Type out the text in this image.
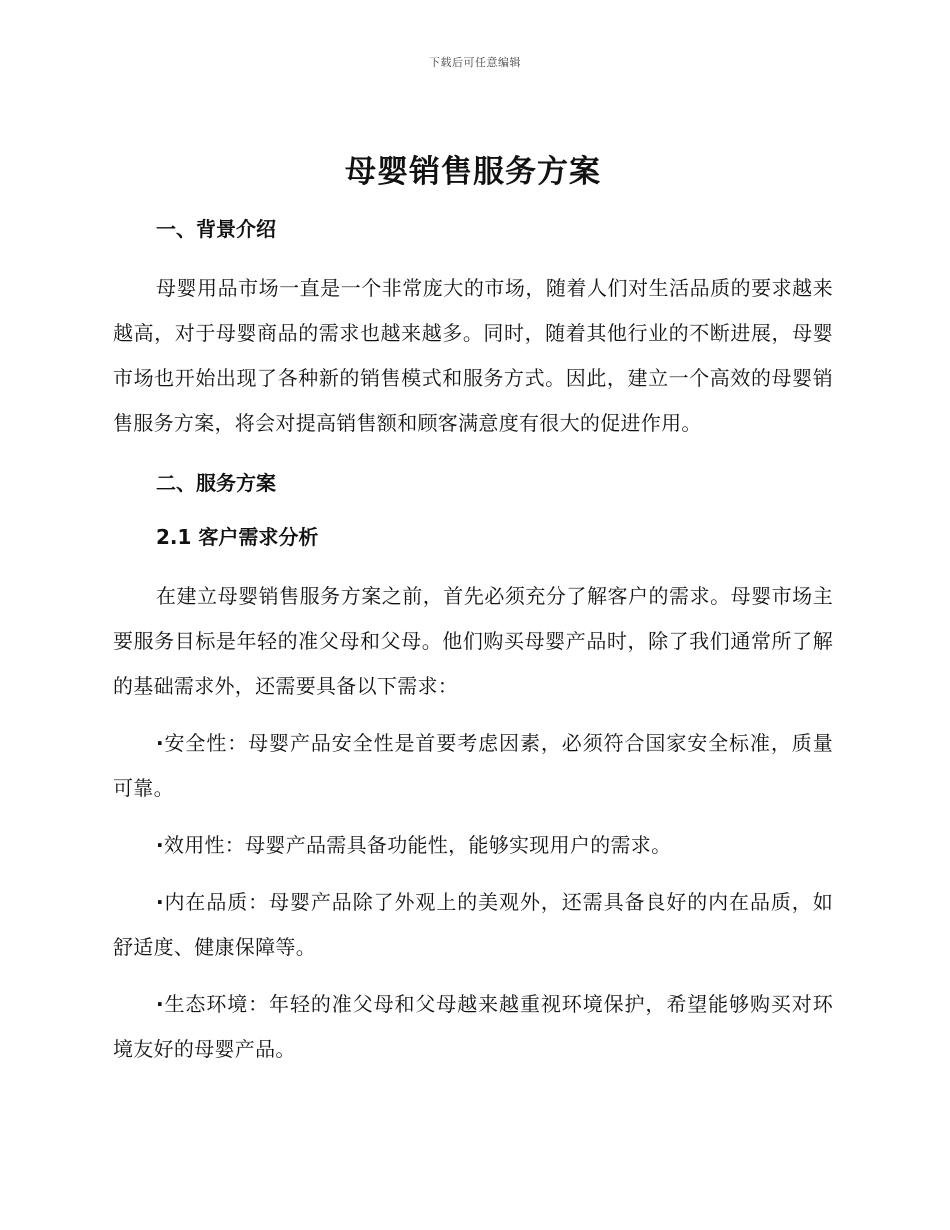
下载后可任意编辑
母婴销售服务方案
一、背景介绍

母婴用品市场一直是一个非常庞大的市场，随着人们对生活品质的要求越来越高，对于母婴商品的需求也越来越多。同时，随着其他行业的不断进展，母婴市场也开始出现了各种新的销售模式和服务方式。因此，建立一个高效的母婴销售服务方案，将会对提高销售额和顾客满意度有很大的促进作用。

二、服务方案
2.1 客户需求分析

在建立母婴销售服务方案之前，首先必须充分了解客户的需求。母婴市场主要服务目标是年轻的准父母和父母。他们购买母婴产品时，除了我们通常所了解的基础需求外，还需要具备以下需求：

·安全性：母婴产品安全性是首要考虑因素，必须符合国家安全标准，质量可靠。

·效用性：母婴产品需具备功能性，能够实现用户的需求。

·内在品质：母婴产品除了外观上的美观外，还需具备良好的内在品质，如舒适度、健康保障等。

·生态环境：年轻的准父母和父母越来越重视环境保护，希望能够购买对环境友好的母婴产品。
